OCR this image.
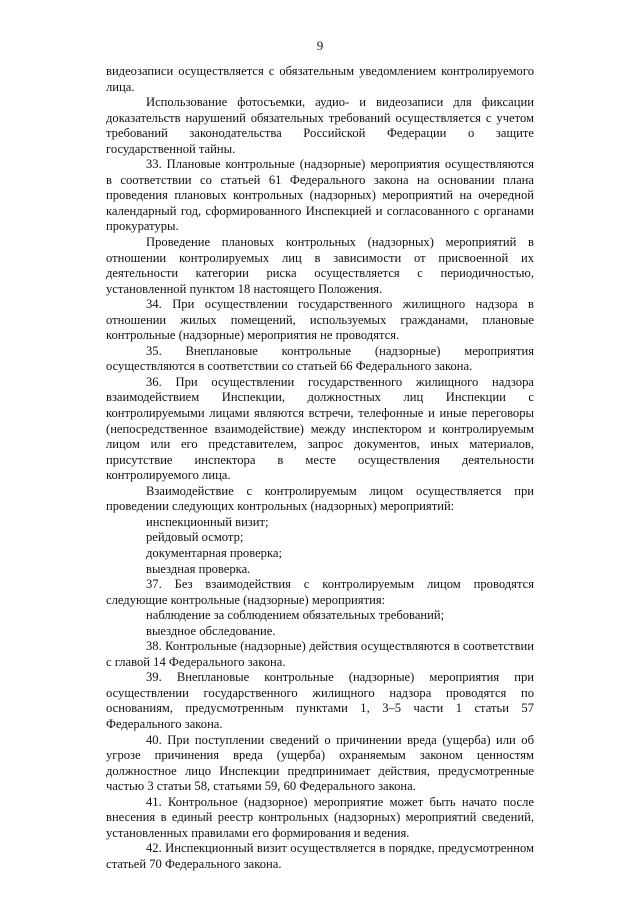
9

видеозаписи осуществляется с обязательным уведомлением контролируемого лица.

Использование фотосъемки, аудио- и видеозаписи для фиксации доказательств нарушений обязательных требований осуществляется с учетом требований законодательства Российской Федерации о защите государственной тайны.

33. Плановые контрольные (надзорные) мероприятия осуществляются в соответствии со статьей 61 Федерального закона на основании плана проведения плановых контрольных (надзорных) мероприятий на очередной календарный год, сформированного Инспекцией и согласованного с органами прокуратуры.

Проведение плановых контрольных (надзорных) мероприятий в отношении контролируемых лиц в зависимости от присвоенной их деятельности категории риска осуществляется с периодичностью, установленной пунктом 18 настоящего Положения.

34. При осуществлении государственного жилищного надзора в отношении жилых помещений, используемых гражданами, плановые контрольные (надзорные) мероприятия не проводятся.

35. Внеплановые контрольные (надзорные) мероприятия осуществляются в соответствии со статьей 66 Федерального закона.

36. При осуществлении государственного жилищного надзора взаимодействием Инспекции, должностных лиц Инспекции с контролируемыми лицами являются встречи, телефонные и иные переговоры (непосредственное взаимодействие) между инспектором и контролируемым лицом или его представителем, запрос документов, иных материалов, присутствие инспектора в месте осуществления деятельности контролируемого лица.

Взаимодействие с контролируемым лицом осуществляется при проведении следующих контрольных (надзорных) мероприятий:

инспекционный визит;

рейдовый осмотр;

документарная проверка;

выездная проверка.

37. Без взаимодействия с контролируемым лицом проводятся следующие контрольные (надзорные) мероприятия:

наблюдение за соблюдением обязательных требований;

выездное обследование.

38. Контрольные (надзорные) действия осуществляются в соответствии с главой 14 Федерального закона.

39. Внеплановые контрольные (надзорные) мероприятия при осуществлении государственного жилищного надзора проводятся по основаниям, предусмотренным пунктами 1, 3–5 части 1 статьи 57 Федерального закона.

40. При поступлении сведений о причинении вреда (ущерба) или об угрозе причинения вреда (ущерба) охраняемым законом ценностям должностное лицо Инспекции предпринимает действия, предусмотренные частью 3 статьи 58, статьями 59, 60 Федерального закона.

41. Контрольное (надзорное) мероприятие может быть начато после внесения в единый реестр контрольных (надзорных) мероприятий сведений, установленных правилами его формирования и ведения.

42. Инспекционный визит осуществляется в порядке, предусмотренном статьей 70 Федерального закона.
